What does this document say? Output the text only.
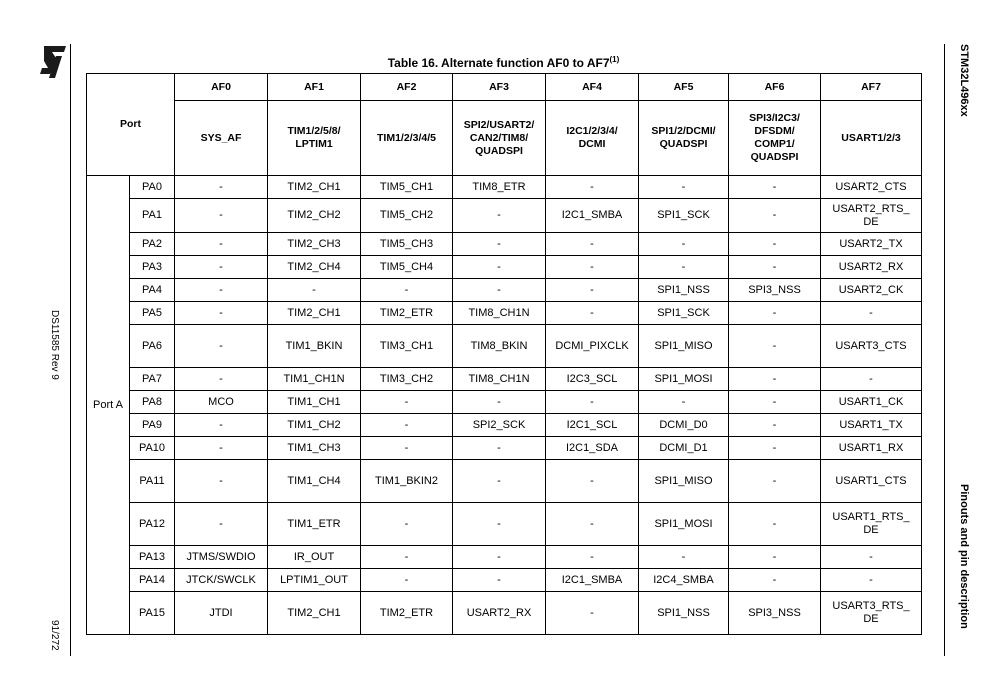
DS11585 Rev 9
91/272
STM32L496xx
Pinouts and pin description
Table 16. Alternate function AF0 to AF7$^{(1)}$
Port		AF0	AF1	AF2	AF3	AF4	AF5	AF6	AF7
		SYS_AF	TIM1/2/5/8/
LPTIM1	TIM1/2/3/4/5	SPI2/USART2/
CAN2/TIM8/
QUADSPI	I2C1/2/3/4/
DCMI	SPI1/2/DCMI/
QUADSPI	SPI3/I2C3/
DFSDM/
COMP1/
QUADSPI	USART1/2/3
Port A	PA0	-	TIM2_CH1	TIM5_CH1	TIM8_ETR	-	-	-	USART2_CTS
	PA1	-	TIM2_CH2	TIM5_CH2	-	I2C1_SMBA	SPI1_SCK	-	USART2_RTS_
DE
	PA2	-	TIM2_CH3	TIM5_CH3	-	-	-	-	USART2_TX
	PA3	-	TIM2_CH4	TIM5_CH4	-	-	-	-	USART2_RX
	PA4	-	-	-	-	-	SPI1_NSS	SPI3_NSS	USART2_CK
	PA5	-	TIM2_CH1	TIM2_ETR	TIM8_CH1N	-	SPI1_SCK	-	-
	PA6	-	TIM1_BKIN	TIM3_CH1	TIM8_BKIN	DCMI_PIXCLK	SPI1_MISO	-	USART3_CTS
	PA7	-	TIM1_CH1N	TIM3_CH2	TIM8_CH1N	I2C3_SCL	SPI1_MOSI	-	-
	PA8	MCO	TIM1_CH1	-	-	-	-	-	USART1_CK
	PA9	-	TIM1_CH2	-	SPI2_SCK	I2C1_SCL	DCMI_D0	-	USART1_TX
	PA10	-	TIM1_CH3	-	-	I2C1_SDA	DCMI_D1	-	USART1_RX
	PA11	-	TIM1_CH4	TIM1_BKIN2	-	-	SPI1_MISO	-	USART1_CTS
	PA12	-	TIM1_ETR	-	-	-	SPI1_MOSI	-	USART1_RTS_
DE
	PA13	JTMS/SWDIO	IR_OUT	-	-	-	-	-	-
	PA14	JTCK/SWCLK	LPTIM1_OUT	-	-	I2C1_SMBA	I2C4_SMBA	-	-
	PA15	JTDI	TIM2_CH1	TIM2_ETR	USART2_RX	-	SPI1_NSS	SPI3_NSS	USART3_RTS_
DE
